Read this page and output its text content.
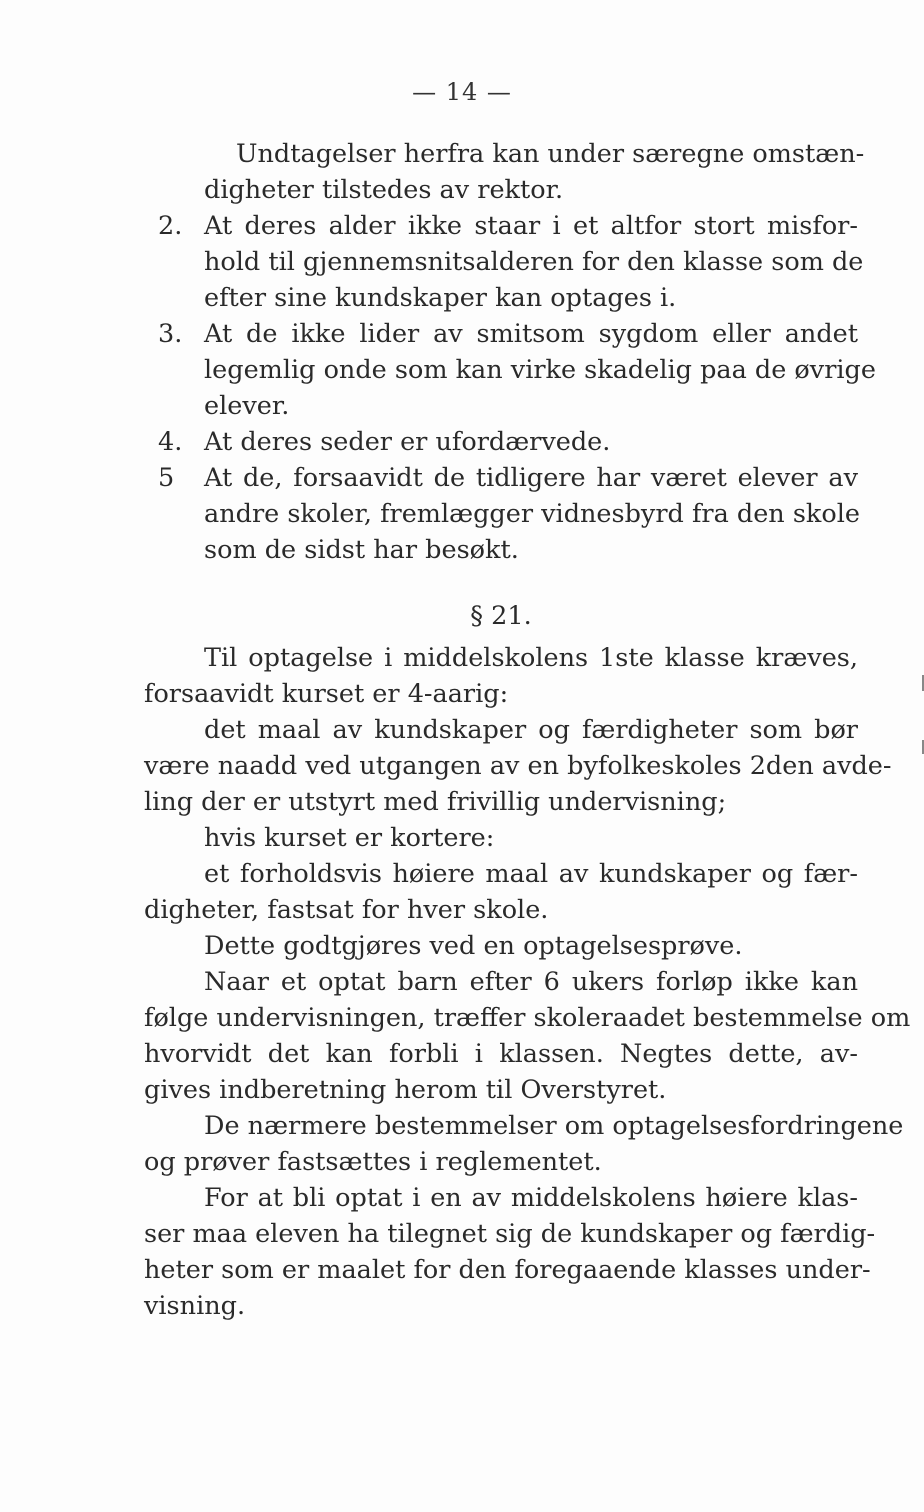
— 14 —
Undtagelser herfra kan under særegne omstæn-
digheter tilstedes av rektor.
2. At deres alder ikke staar i et altfor stort misfor-
hold til gjennemsnitsalderen for den klasse som de
efter sine kundskaper kan optages i.
3. At de ikke lider av smitsom sygdom eller andet
legemlig onde som kan virke skadelig paa de øvrige
elever.
4. At deres seder er ufordærvede.
5 At de, forsaavidt de tidligere har været elever av
andre skoler, fremlægger vidnesbyrd fra den skole
som de sidst har besøkt.
§ 21.
Til optagelse i middelskolens 1ste klasse kræves,
forsaavidt kurset er 4-aarig:
det maal av kundskaper og færdigheter som bør
være naadd ved utgangen av en byfolkeskoles 2den avde-
ling der er utstyrt med frivillig undervisning;
hvis kurset er kortere:
et forholdsvis høiere maal av kundskaper og fær-
digheter, fastsat for hver skole.
Dette godtgjøres ved en optagelsesprøve.
Naar et optat barn efter 6 ukers forløp ikke kan
følge undervisningen, træffer skoleraadet bestemmelse om
hvorvidt det kan forbli i klassen. Negtes dette, av-
gives indberetning herom til Overstyret.
De nærmere bestemmelser om optagelsesfordringene
og prøver fastsættes i reglementet.
For at bli optat i en av middelskolens høiere klas-
ser maa eleven ha tilegnet sig de kundskaper og færdig-
heter som er maalet for den foregaaende klasses under-
visning.
